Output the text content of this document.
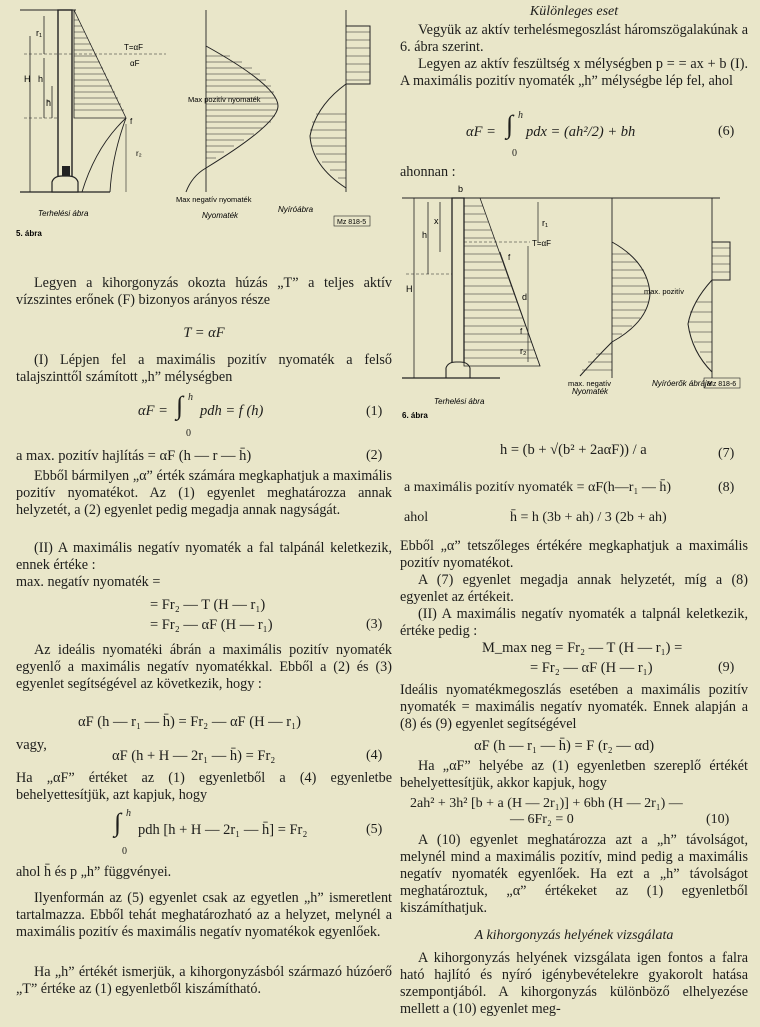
H
r₁
h
h̄
T=αF
αF
f
r₂
Max pozitív nyomaték
Max negatív nyomaték
Terhelési ábra	Nyomaték
Nyíróábra
Mz 818-5
5. ábra

Legyen a kihorgonyzás okozta húzás „T” a teljes aktív vízszintes erőnek (F) bizonyos arányos része

T = αF

(I) Lépjen fel a maximális pozitív nyomaték a felső talajszinttől számított „h” mélységben

αF = ∫ h
0
pdh = f (h)	(1)
a max. pozitív hajlítás = αF (h — r — h̄)	(2)

Ebből bármilyen „α” érték számára megkaphatjuk a maximális pozitív nyomatékot. Az (1) egyenlet meghatározza annak helyzetét, a (2) egyenlet pedig megadja annak nagyságát.

(II) A maximális negatív nyomaték a fal talpánál keletkezik, ennek értéke :

max. negatív nyomaték =

= Fr₂ — T (H — r₁)
= Fr₂ — αF (H — r₁)	(3)

Az ideális nyomatéki ábrán a maximális pozitív nyomaték egyenlő a maximális negatív nyomatékkal. Ebből a (2) és (3) egyenlet segítségével az következik, hogy :

αF (h — r₁ — h̄) = Fr₂ — αF (H — r₁)
vagy,
αF (h + H — 2r₁ — h̄) = Fr₂	(4)

Ha „αF” értéket az (1) egyenletből a (4) egyenletbe behelyettesítjük, azt kapjuk, hogy

∫ h
0
pdh [h + H — 2r₁ — h̄] = Fr₂	(5)

ahol h̄ és p „h” függvényei.

Ilyenformán az (5) egyenlet csak az egyetlen „h” ismeretlent tartalmazza. Ebből tehát meghatározható az a helyzet, melynél a maximális pozitív és maximális negatív nyomatékok egyenlőek.

Ha „h” értékét ismerjük, a kihorgonyzásból származó húzóerő „T” értéke az (1) egyenletből kiszámítható.

Különleges eset

Vegyük az aktív terhelésmegoszlást háromszögalakúnak a 6. ábra szerint.

Legyen az aktív feszültség x mélységben p = = ax + b (I). A maximális pozitív nyomaték „h” mélységbe lép fel, ahol

αF = ∫ h
0
pdx = (ah²/2) + bh	(6)

ahonnan :

b
H
h
x	r₁
T=αF
f
d
f
r₂
max. pozitív
Terhelési ábra
max. negatív
Nyomaték
Nyíróerők ábrája
Mz 818-6
6. ábra
h = (b + √(b² + 2aαF)) / a	(7)
a maximális pozitív nyomaték = αF(h—r₁ — h̄)	(8)
ahol	h̄ = h (3b + ah) / 3 (2b + ah)

Ebből „α” tetszőleges értékére megkaphatjuk a maximális pozitív nyomatékot.

A (7) egyenlet megadja annak helyzetét, míg a (8) egyenlet az értékeit.

(II) A maximális negatív nyomaték a talpnál keletkezik, értéke pedig :

M_max neg = Fr₂ — T (H — r₁) =
= Fr₂ — αF (H — r₁)	(9)

Ideális nyomatékmegoszlás esetében a maximális pozitív nyomaték = maximális negatív nyomaték. Ennek alapján a (8) és (9) egyenlet segítségével

αF (h — r₁ — h̄) = F (r₂ — αd)

Ha „αF” helyébe az (1) egyenletben szereplő értékét behelyettesítjük, akkor kapjuk, hogy

2ah² + 3h² [b + a (H — 2r₁)] + 6bh (H — 2r₁) —
— 6Fr₂ = 0	(10)

A (10) egyenlet meghatározza azt a „h” távolságot, melynél mind a maximális pozitív, mind pedig a maximális negatív nyomaték egyenlőek. Ha ezt a „h” távolságot meghatároztuk, „α” értékeket az (1) egyenletből kiszámíthatjuk.

A kihorgonyzás helyének vizsgálata

A kihorgonyzás helyének vizsgálata igen fontos a falra ható hajlító és nyíró igénybevételekre gyakorolt hatása szempontjából. A kihorgonyzás különböző elhelyezése mellett a (10) egyenlet meg-
